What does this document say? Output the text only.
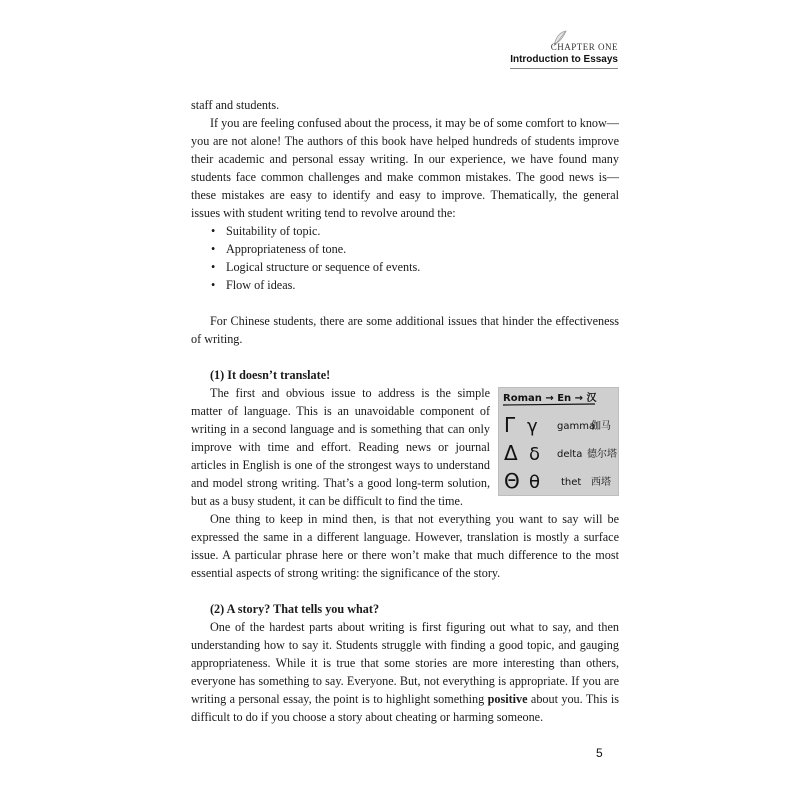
CHAPTER ONE
Introduction to Essays

staff and students.

If you are feeling confused about the process, it may be of some comfort to know—you are not alone! The authors of this book have helped hundreds of students improve their academic and personal essay writing. In our experience, we have found many students face common challenges and make common mistakes. The good news is—these mistakes are easy to identify and easy to improve. Thematically, the general issues with student writing tend to revolve around the:

• Suitability of topic.
• Appropriateness of tone.
• Logical structure or sequence of events.
• Flow of ideas.

For Chinese students, there are some additional issues that hinder the effectiveness of writing.

(1) It doesn’t translate!

Roman → En → 汉
Γ γ gamma
伽马
Δ δ delta 德尔塔
Θ θ thet 西塔

The first and obvious issue to address is the simple matter of language. This is an unavoidable component of writing in a second language and is something that can only improve with time and effort. Reading news or journal articles in English is one of the strongest ways to understand and model strong writing. That’s a good long-term solution, but as a busy student, it can be difficult to find the time.

One thing to keep in mind then, is that not everything you want to say will be expressed the same in a different language. However, translation is mostly a surface issue. A particular phrase here or there won’t make that much difference to the most essential aspects of strong writing: the significance of the story.

(2) A story? That tells you what?

One of the hardest parts about writing is first figuring out what to say, and then understanding how to say it. Students struggle with finding a good topic, and gauging appropriateness. While it is true that some stories are more interesting than others, everyone has something to say. Everyone. But, not everything is appropriate. If you are writing a personal essay, the point is to highlight something positive about you. This is difficult to do if you choose a story about cheating or harming someone.

5
